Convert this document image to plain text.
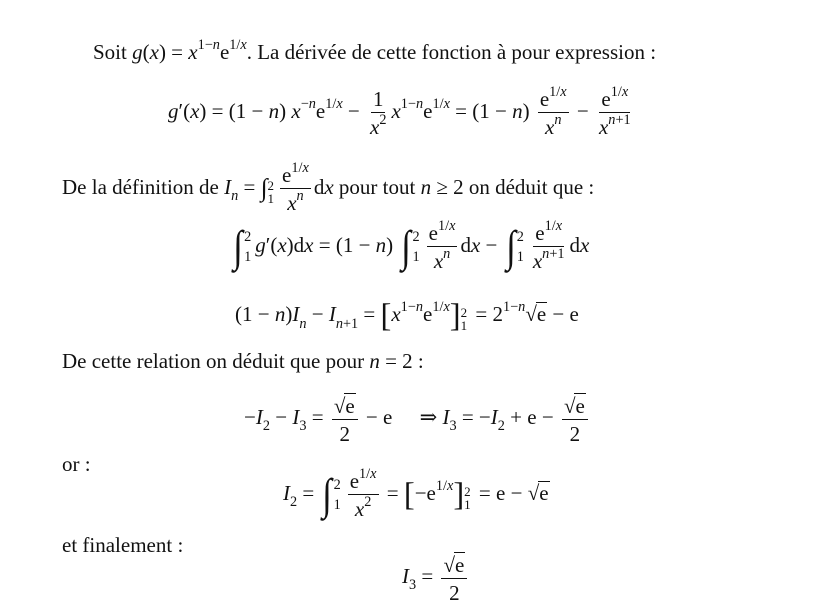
Soit $g(x) = x^{1-n}e^{1/x}$. La dérivée de cette fonction à pour expression :
g′(x) = (1 − n) $x^{-n}e^{1/x} - \frac{1}{x^2} x^{1-n}e^{1/x} = (1 - n) \frac{e^{1/x}}{x^n} - \frac{e^{1/x}}{x^{n+1}}$
De la définition de $I_n$ = ∫ 2
$1 \frac{e^{1/x}}{x^n}$ dx pour tout n ≥ 2 on déduit que :
∫ 2
1
g′(x)dx = (1 − n) ∫ 2
$1 \frac{e^{1/x}}{x^n}$ dx − ∫ 2
$1 \frac{e^{1/x}}{x^{n+1}}$ dx
$(1 - n)I_n - I_{n+1} = [x^{1-n}e^{1/x}]$ 2
$1 = 2^{1-n}√e - e$
De cette relation on déduit que pour n = 2 :
$-I_2 - I_3 = \frac{√e}{2} - e$ ⇒ $I_3 = -I_2 + e - \frac{√e}{2}$
or :
$I_2$ = ∫ 2
$1 \frac{e^{1/x}}{x^2} = [-e^{1/x}]$ 2
1 = e − √e
et finalement :
$I_3 = \frac{√e}{2}$
